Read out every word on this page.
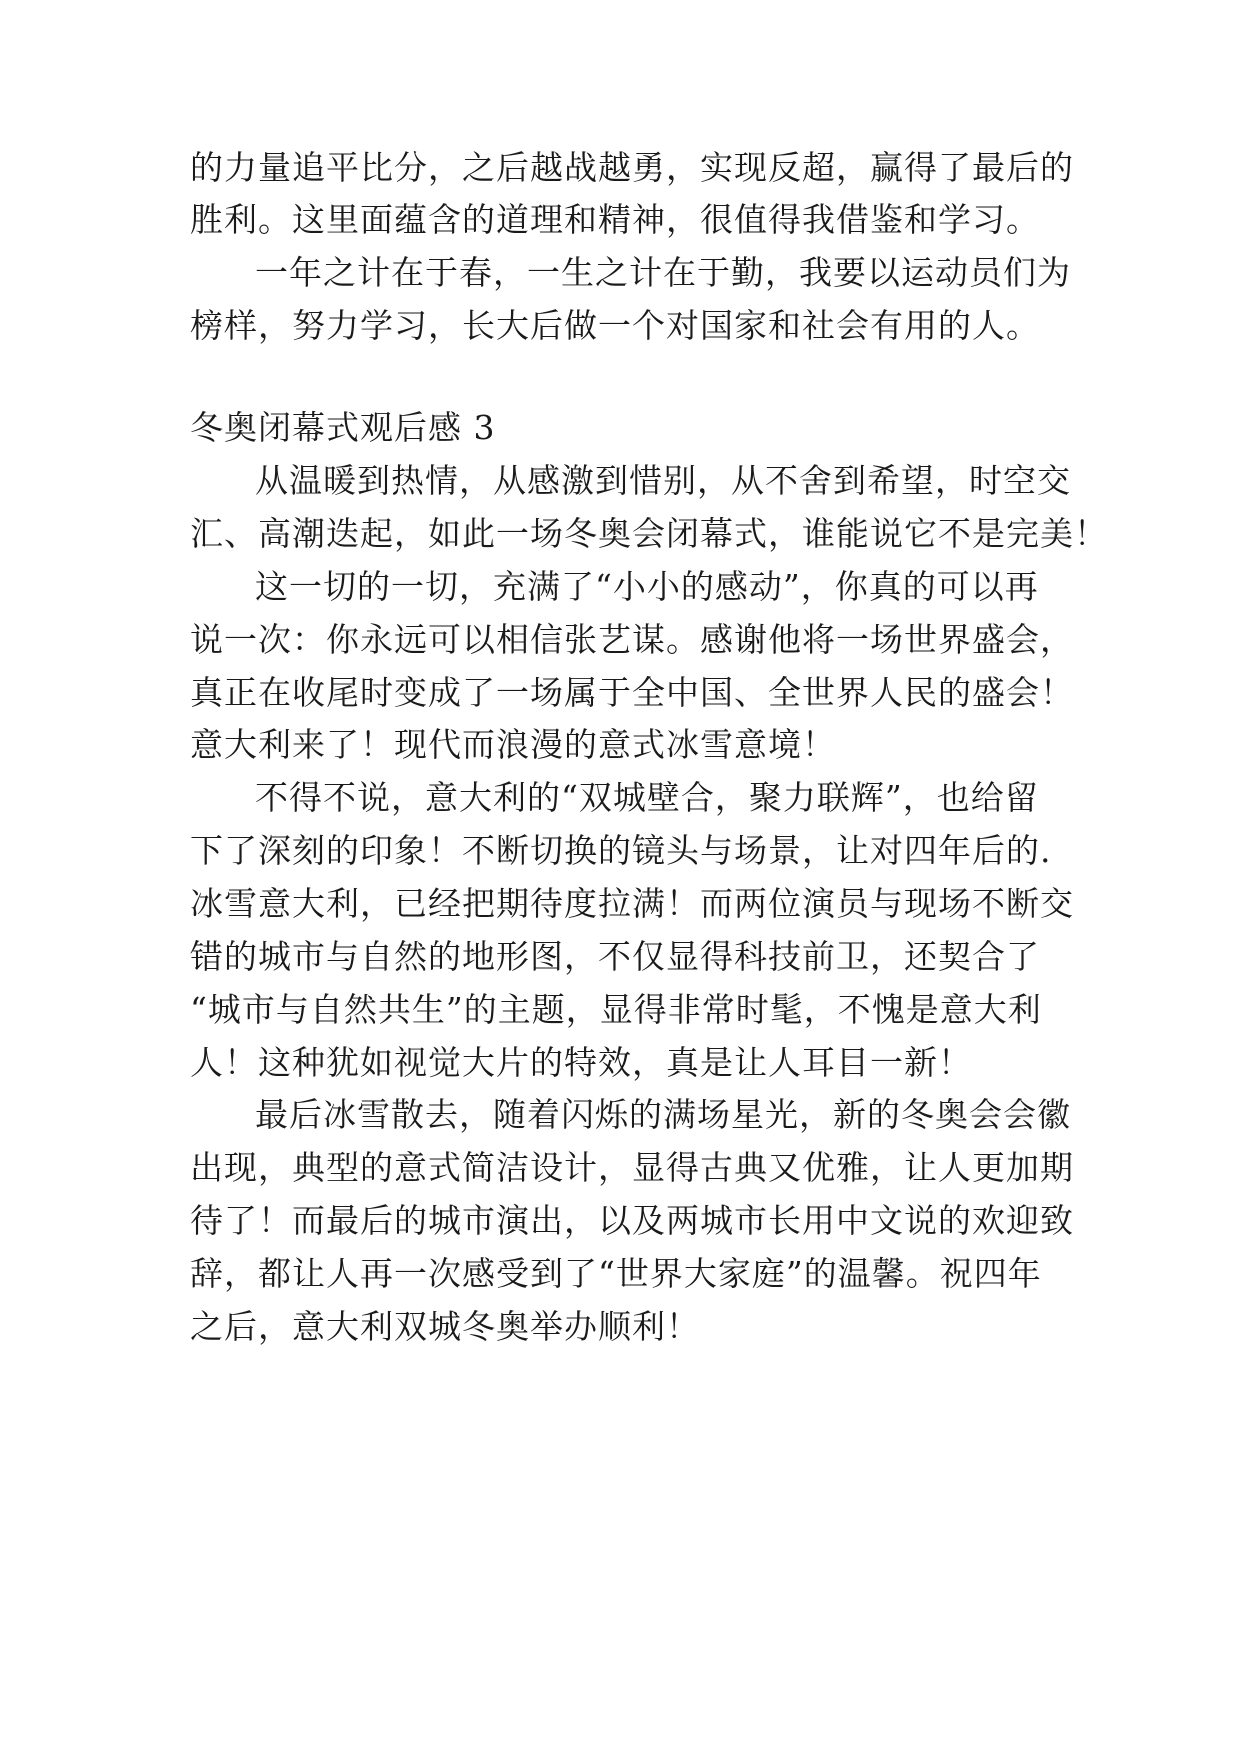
的力量追平比分，之后越战越勇，实现反超，赢得了最后的
胜利。这里面蕴含的道理和精神，很值得我借鉴和学习。
一年之计在于春，一生之计在于勤，我要以运动员们为
榜样，努力学习，长大后做一个对国家和社会有用的人。
冬奥闭幕式观后感 3
从温暖到热情，从感激到惜别，从不舍到希望，时空交
汇、高潮迭起，如此一场冬奥会闭幕式，谁能说它不是完美！
这一切的一切，充满了“小小的感动”，你真的可以再
说一次：你永远可以相信张艺谋。感谢他将一场世界盛会，
真正在收尾时变成了一场属于全中国、全世界人民的盛会！
意大利来了！现代而浪漫的意式冰雪意境！
不得不说，意大利的“双城壁合，聚力联辉”，也给留
下了深刻的印象！不断切换的镜头与场景，让对四年后的.
冰雪意大利，已经把期待度拉满！而两位演员与现场不断交
错的城市与自然的地形图，不仅显得科技前卫，还契合了
“城市与自然共生”的主题，显得非常时髦，不愧是意大利
人！这种犹如视觉大片的特效，真是让人耳目一新！
最后冰雪散去，随着闪烁的满场星光，新的冬奥会会徽
出现，典型的意式简洁设计，显得古典又优雅，让人更加期
待了！而最后的城市演出，以及两城市长用中文说的欢迎致
辞，都让人再一次感受到了“世界大家庭”的温馨。祝四年
之后，意大利双城冬奥举办顺利！
